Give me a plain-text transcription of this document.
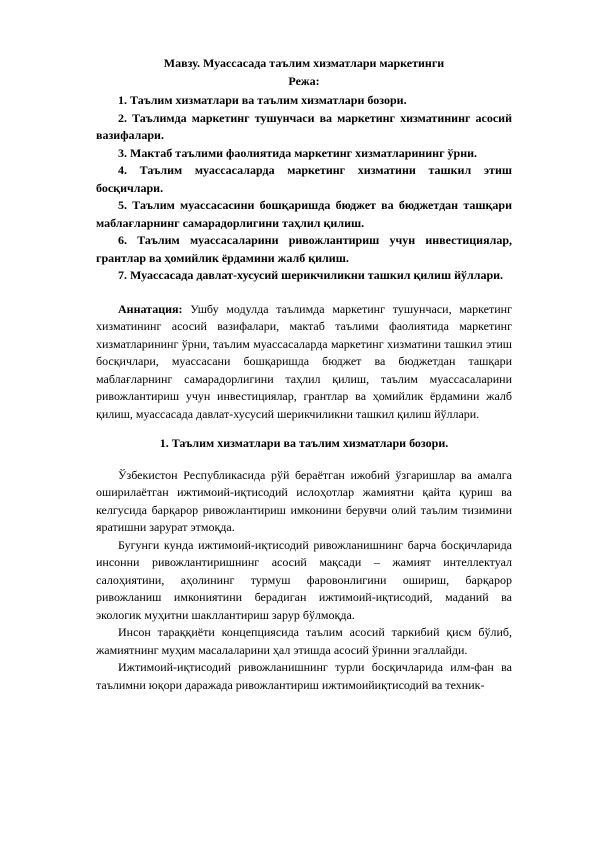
Мавзу. Муассасада таълим хизматлари маркетинги

Режа:

1. Таълим хизматлари ва таълим хизматлари бозори.

2. Таълимда маркетинг тушунчаси ва маркетинг хизматининг асосий вазифалари.

3. Мактаб таълими фаолиятида маркетинг хизматларининг ўрни.

4. Таълим муассасаларда маркетинг хизматини ташкил этиш босқичлари.

5. Таълим муассасасини бошқаришда бюджет ва бюджетдан ташқари маблағларнинг самарадорлигини таҳлил қилиш.

6. Таълим муассасаларини ривожлантириш учун инвестициялар, грантлар ва ҳомийлик ёрдамини жалб қилиш.

7. Муассасада давлат-хусусий шерикчиликни ташкил қилиш йўллари.

Аннатация: Ушбу модулда таълимда маркетинг тушунчаси, маркетинг хизматининг асосий вазифалари, мактаб таълими фаолиятида маркетинг хизматларининг ўрни, таълим муассасаларда маркетинг хизматини ташкил этиш босқичлари, муассасани бошқаришда бюджет ва бюджетдан ташқари маблағларнинг самарадорлигини таҳлил қилиш, таълим муассасаларини ривожлантириш учун инвестициялар, грантлар ва ҳомийлик ёрдамини жалб қилиш, муассасада давлат-хусусий шерикчиликни ташкил қилиш йўллари.

1. Таълим хизматлари ва таълим хизматлари бозори.

Ўзбекистон Республикасида рўй бераётган ижобий ўзгаришлар ва амалга оширилаётган ижтимоий-иқтисодий ислоҳотлар жамиятни қайта қуриш ва келгусида барқарор ривожлантириш имконини берувчи олий таълим тизимини яратишни зарурат этмоқда.

Бугунги кунда ижтимоий-иқтисодий ривожланишнинг барча босқичларида инсонни ривожлантиришнинг асосий мақсади – жамият интеллектуал салоҳиятини, аҳолининг турмуш фаровонлигини ошириш, барқарор ривожланиш имкониятини берадиган ижтимоий-иқтисодий, маданий ва экологик муҳитни шакллантириш зарур бўлмоқда.

Инсон тараққиёти концепциясида таълим асосий таркибий қисм бўлиб, жамиятнинг муҳим масалаларини ҳал этишда асосий ўринни эгаллайди.

Ижтимоий-иқтисодий ривожланишнинг турли босқичларида илм-фан ва таълимни юқори даражада ривожлантириш ижтимоийиқтисодий ва техник-
